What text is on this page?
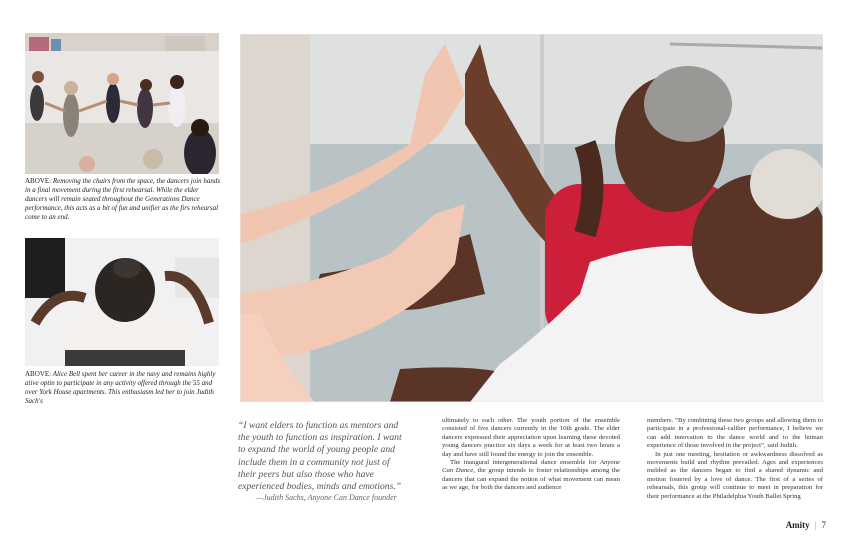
ABOVE: Removing the chairs from the space, the dancers join hands in a final movement during the first rehearsal. While the elder dancers will remain seated throughout the Generations Dance performance, this acts as a bit of fun and unifier as the firs rehearsal come to an end.
ABOVE: Alice Bell spent her career in the navy and remains highly ative optin to participate in any activity offered through the 55 and over York House apartments. This enthusiasm led her to join Judith Sach's
“I want elders to function as mentors and the youth to function as inspiration. I want to expand the world of young people and include them in a community not just of their peers but also those who have experienced bodies, minds and emotions.”
—Judith Sachs, Anyone Can Dance founder

ultimately to each other. The youth portion of the ensemble consisted of five dancers currently in the 10th grade. The elder dancers expressed their appreciation upon learning these devoted young dancers practice six days a week for at least two hours a day and have still found the energy to join the ensemble.

The inaugural intergenerational dance ensemble for Anyone Can Dance, the group intends to foster relationships among the dancers that can expand the notion of what movement can mean as we age, for both the dancers and audience

members. “By combining these two groups and allowing them to participate in a professional-caliber performance, I believe we can add innovation to the dance world and to the human experience of those involved in the project”, said Judith.

In just one meeting, hesitation or awkwardness dissolved as movements build and rhythm prevailed. Ages and experiences melded as the dancers began to find a shared dynamic and motion fostered by a love of dance. The first of a series of rehearsals, this group will continue to meet in preparation for their performance at the Philadelphia Youth Ballet Spring

Amity | 7
